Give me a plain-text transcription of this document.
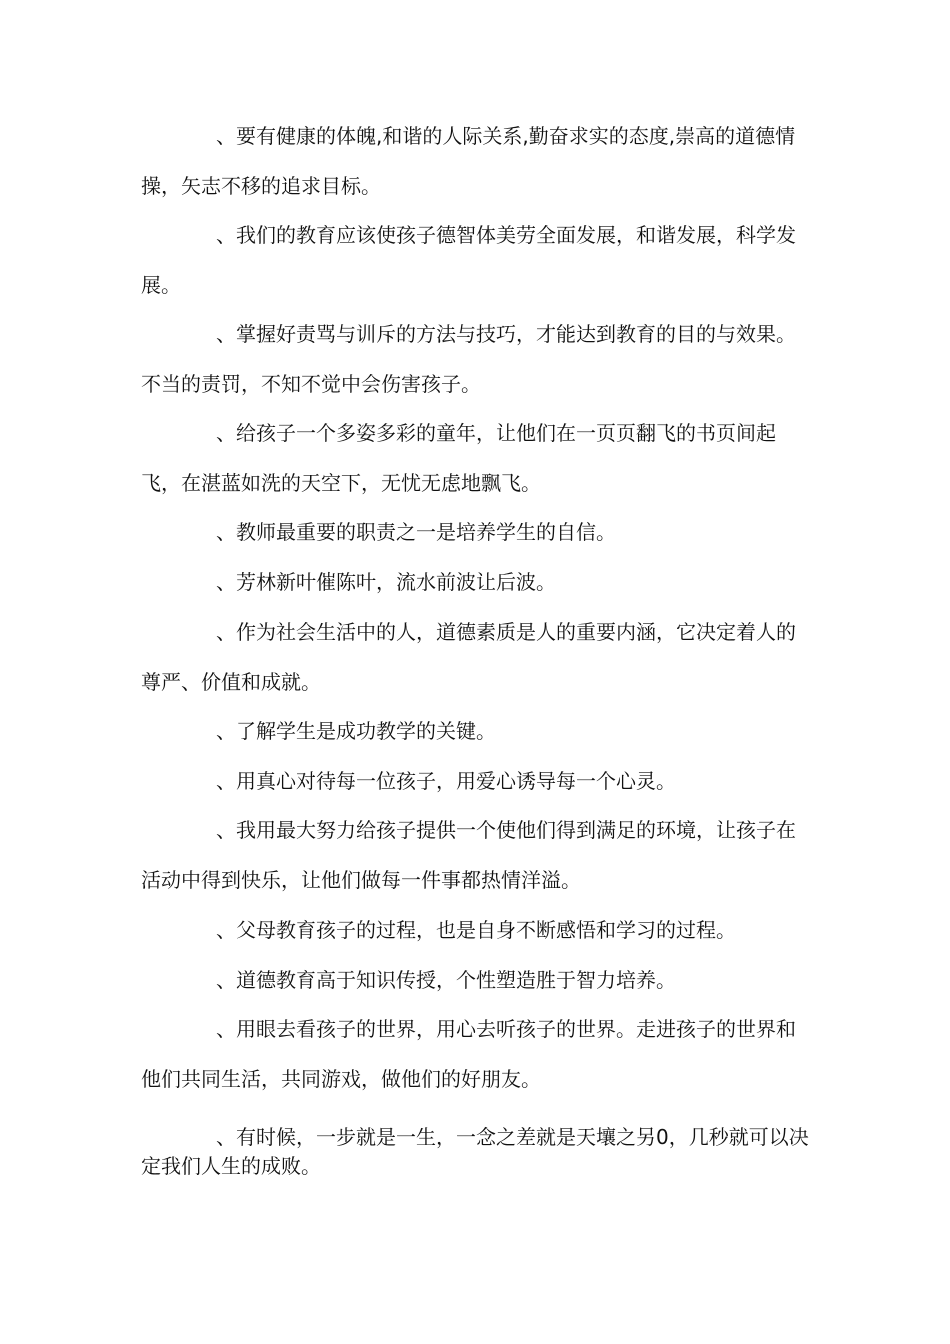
、要有健康的体魄,和谐的人际关系,勤奋求实的态度,崇高的道德情操，矢志不移的追求目标。

、我们的教育应该使孩子德智体美劳全面发展，和谐发展，科学发展。

、掌握好责骂与训斥的方法与技巧，才能达到教育的目的与效果。不当的责罚，不知不觉中会伤害孩子。

、给孩子一个多姿多彩的童年，让他们在一页页翻飞的书页间起飞，在湛蓝如洗的天空下，无忧无虑地飘飞。

、教师最重要的职责之一是培养学生的自信。

、芳林新叶催陈叶，流水前波让后波。

、作为社会生活中的人，道德素质是人的重要内涵，它决定着人的尊严、价值和成就。

、了解学生是成功教学的关键。

、用真心对待每一位孩子，用爱心诱导每一个心灵。

、我用最大努力给孩子提供一个使他们得到满足的环境，让孩子在活动中得到快乐，让他们做每一件事都热情洋溢。

、父母教育孩子的过程，也是自身不断感悟和学习的过程。

、道德教育高于知识传授，个性塑造胜于智力培养。

、用眼去看孩子的世界，用心去听孩子的世界。走进孩子的世界和他们共同生活，共同游戏，做他们的好朋友。

、有时候，一步就是一生，一念之差就是天壤之另0，几秒就可以决定我们人生的成败。
